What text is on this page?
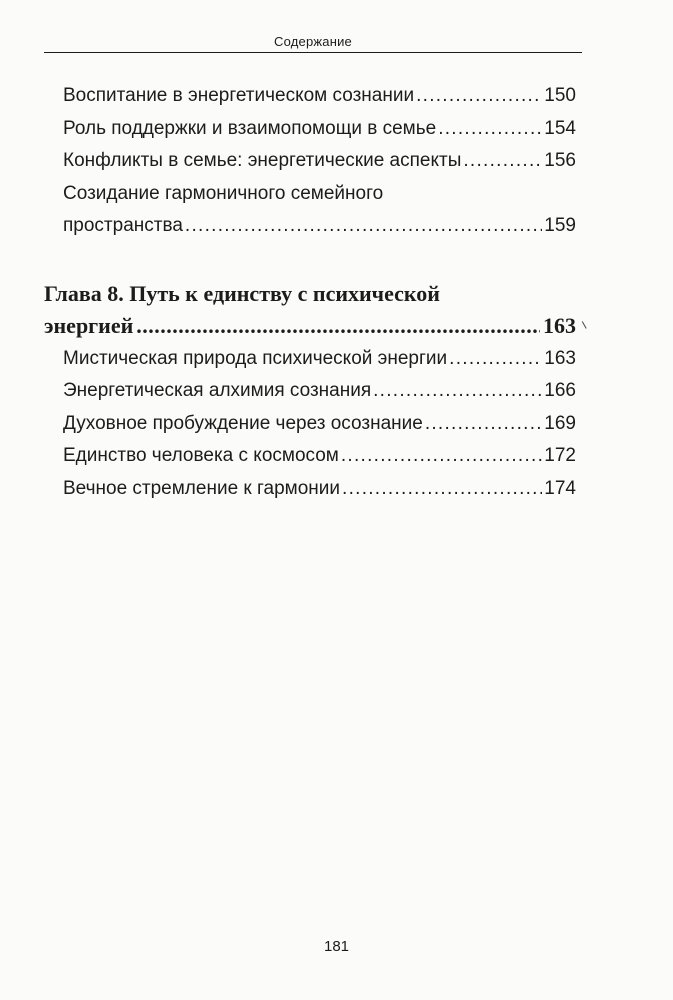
Содержание
Воспитание в энергетическом сознании . . .	150
Роль поддержки и взаимопомощи в семье . . .	154
Конфликты в семье: энергетические аспекты . . .	156
Созидание гармоничного семейного
пространства . . .	159
Глава 8. Путь к единству с психической
энергией . . .	163
Мистическая природа психической энергии . . .	163
Энергетическая алхимия сознания . . .	166
Духовное пробуждение через осознание . . .	169
Единство человека с космосом . . .	172
Вечное стремление к гармонии . . .	174
181
